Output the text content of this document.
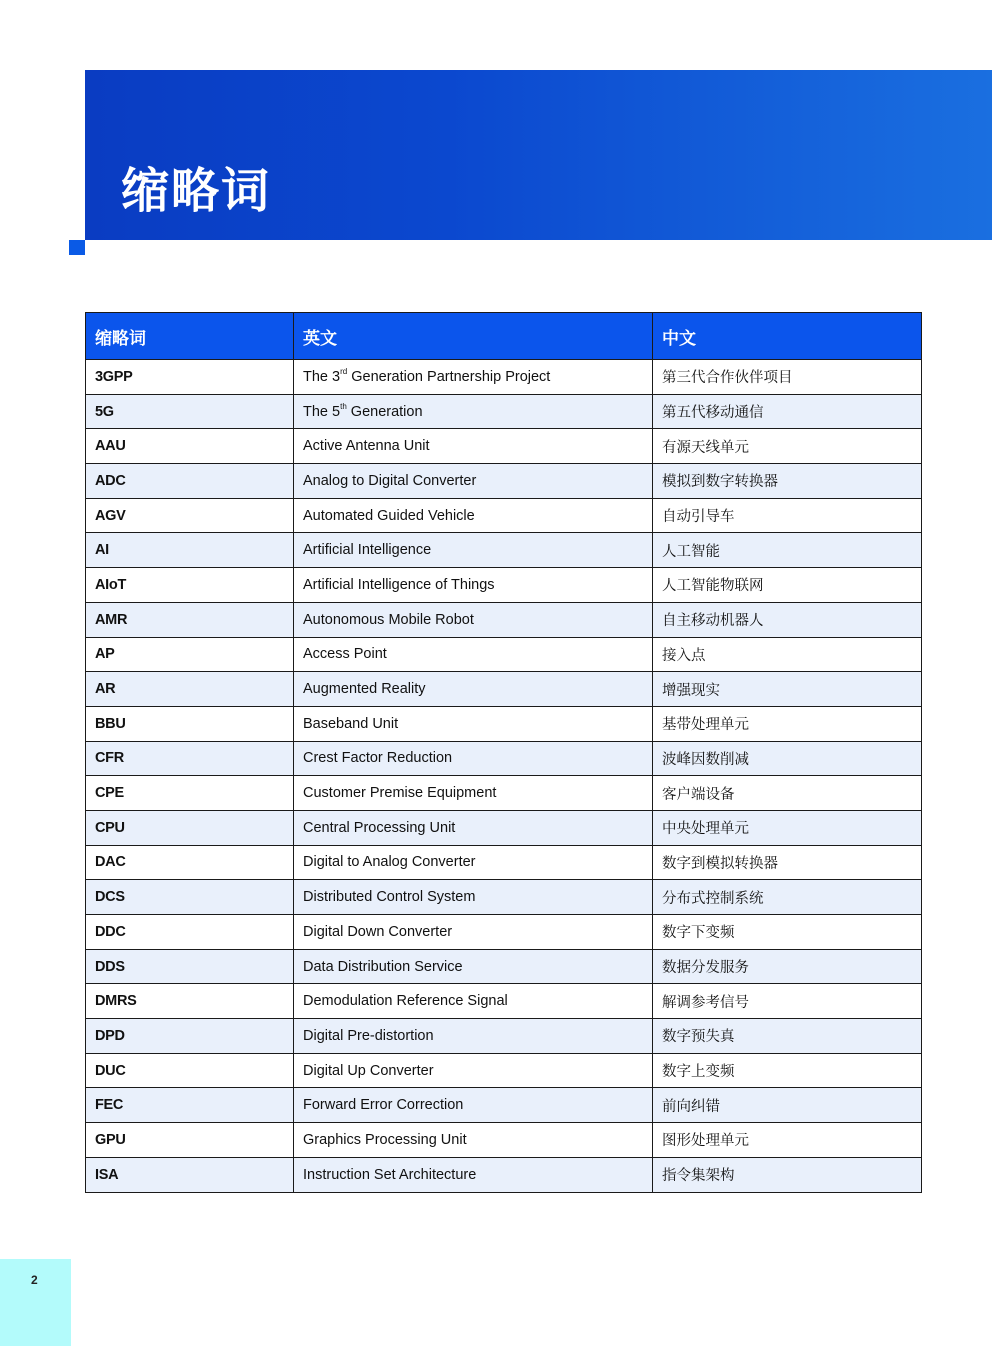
缩略词
缩略词	英文	中文
3GPP	The 3rd Generation Partnership Project	第三代合作伙伴项目
5G	The 5th Generation	第五代移动通信
AAU	Active Antenna Unit	有源天线单元
ADC	Analog to Digital Converter	模拟到数字转换器
AGV	Automated Guided Vehicle	自动引导车
AI	Artificial Intelligence	人工智能
AIoT	Artificial Intelligence of Things	人工智能物联网
AMR	Autonomous Mobile Robot	自主移动机器人
AP	Access Point	接入点
AR	Augmented Reality	增强现实
BBU	Baseband Unit	基带处理单元
CFR	Crest Factor Reduction	波峰因数削减
CPE	Customer Premise Equipment	客户端设备
CPU	Central Processing Unit	中央处理单元
DAC	Digital to Analog Converter	数字到模拟转换器
DCS	Distributed Control System	分布式控制系统
DDC	Digital Down Converter	数字下变频
DDS	Data Distribution Service	数据分发服务
DMRS	Demodulation Reference Signal	解调参考信号
DPD	Digital Pre-distortion	数字预失真
DUC	Digital Up Converter	数字上变频
FEC	Forward Error Correction	前向纠错
GPU	Graphics Processing Unit	图形处理单元
ISA	Instruction Set Architecture	指令集架构
2
